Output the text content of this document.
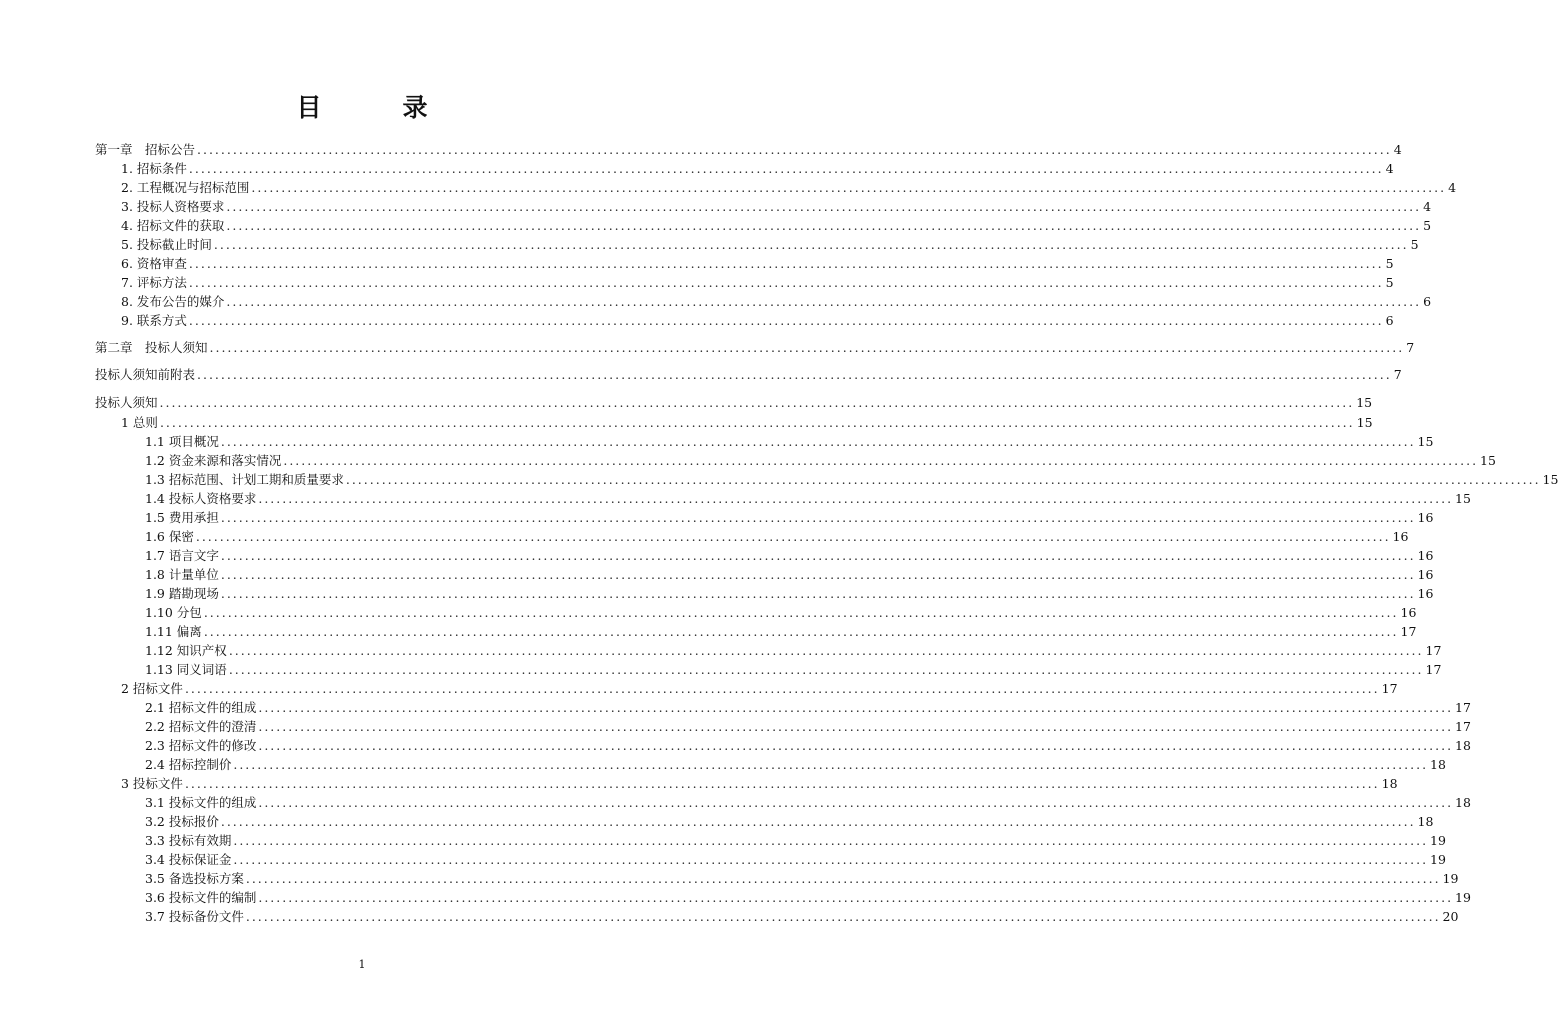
目　录
第一章　招标公告 ........................................................................................................................................................................................................ 4
1. 招标条件 ........................................................................................................................................................................................................ 4
2. 工程概况与招标范围 ........................................................................................................................................................................................................ 4
3. 投标人资格要求 ........................................................................................................................................................................................................ 4
4. 招标文件的获取 ........................................................................................................................................................................................................ 5
5. 投标截止时间 ........................................................................................................................................................................................................ 5
6. 资格审查 ........................................................................................................................................................................................................ 5
7. 评标方法 ........................................................................................................................................................................................................ 5
8. 发布公告的媒介 ........................................................................................................................................................................................................ 6
9. 联系方式 ........................................................................................................................................................................................................ 6
第二章　投标人须知 ........................................................................................................................................................................................................ 7
投标人须知前附表 ........................................................................................................................................................................................................ 7
投标人须知 ........................................................................................................................................................................................................ 15
1 总则 ........................................................................................................................................................................................................ 15
1.1 项目概况 ........................................................................................................................................................................................................ 15
1.2 资金来源和落实情况 ........................................................................................................................................................................................................ 15
1.3 招标范围、计划工期和质量要求 ........................................................................................................................................................................................................ 15
1.4 投标人资格要求 ........................................................................................................................................................................................................ 15
1.5 费用承担 ........................................................................................................................................................................................................ 16
1.6 保密 ........................................................................................................................................................................................................ 16
1.7 语言文字 ........................................................................................................................................................................................................ 16
1.8 计量单位 ........................................................................................................................................................................................................ 16
1.9 踏勘现场 ........................................................................................................................................................................................................ 16
1.10 分包 ........................................................................................................................................................................................................ 16
1.11 偏离 ........................................................................................................................................................................................................ 17
1.12 知识产权 ........................................................................................................................................................................................................ 17
1.13 同义词语 ........................................................................................................................................................................................................ 17
2 招标文件 ........................................................................................................................................................................................................ 17
2.1 招标文件的组成 ........................................................................................................................................................................................................ 17
2.2 招标文件的澄清 ........................................................................................................................................................................................................ 17
2.3 招标文件的修改 ........................................................................................................................................................................................................ 18
2.4 招标控制价 ........................................................................................................................................................................................................ 18
3 投标文件 ........................................................................................................................................................................................................ 18
3.1 投标文件的组成 ........................................................................................................................................................................................................ 18
3.2 投标报价 ........................................................................................................................................................................................................ 18
3.3 投标有效期 ........................................................................................................................................................................................................ 19
3.4 投标保证金 ........................................................................................................................................................................................................ 19
3.5 备选投标方案 ........................................................................................................................................................................................................ 19
3.6 投标文件的编制 ........................................................................................................................................................................................................ 19
3.7 投标备份文件 ........................................................................................................................................................................................................ 20
1
